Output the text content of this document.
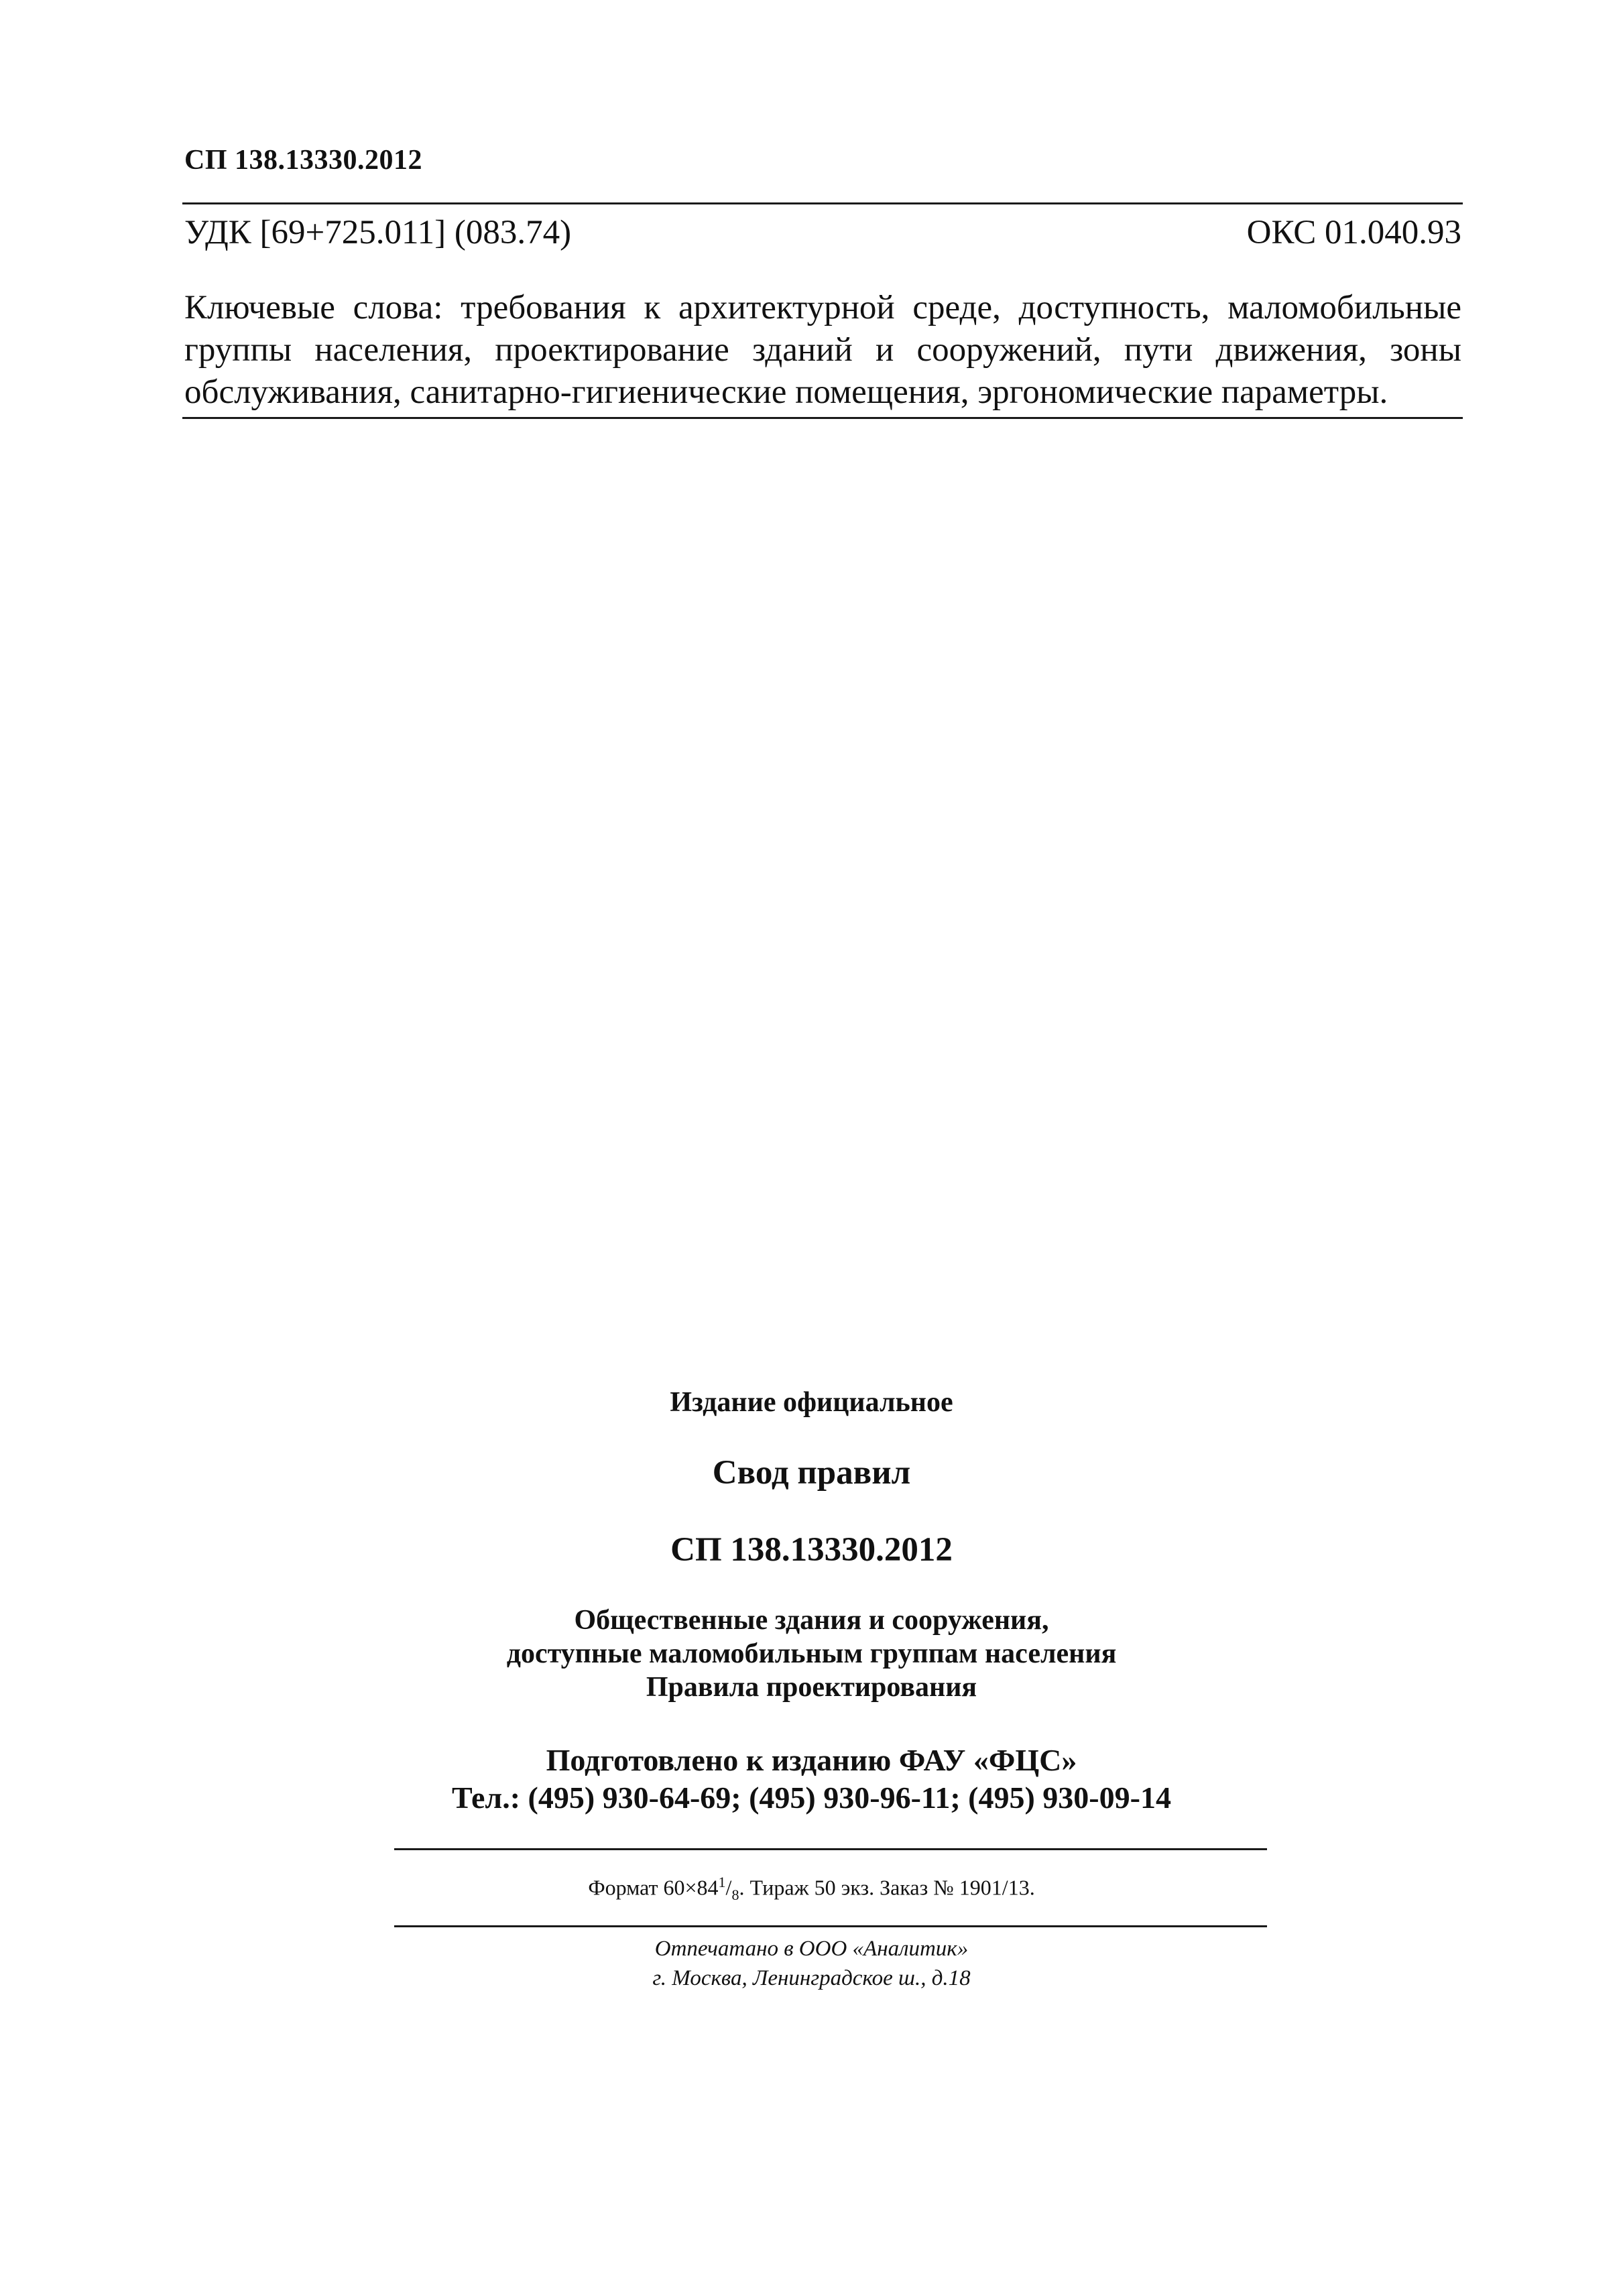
СП 138.13330.2012
УДК [69+725.011] (083.74)	ОКС 01.040.93
Ключевые слова: требования к архитектурной среде, доступность, маломобильные группы населения, проектирование зданий и сооружений, пути движения, зоны обслуживания, санитарно-гигиенические помещения, эргономические параметры.
Издание официальное
Свод правил
СП 138.13330.2012
Общественные здания и сооружения,
доступные маломобильным группам населения
Правила проектирования
Подготовлено к изданию ФАУ «ФЦС»
Тел.: (495) 930-64-69; (495) 930-96-11; (495) 930-09-14
Формат $60\times 84^1/_8$. Тираж 50 экз. Заказ № 1901/13.
Отпечатано в ООО «Аналитик»
г. Москва, Ленинградское ш., д.18
